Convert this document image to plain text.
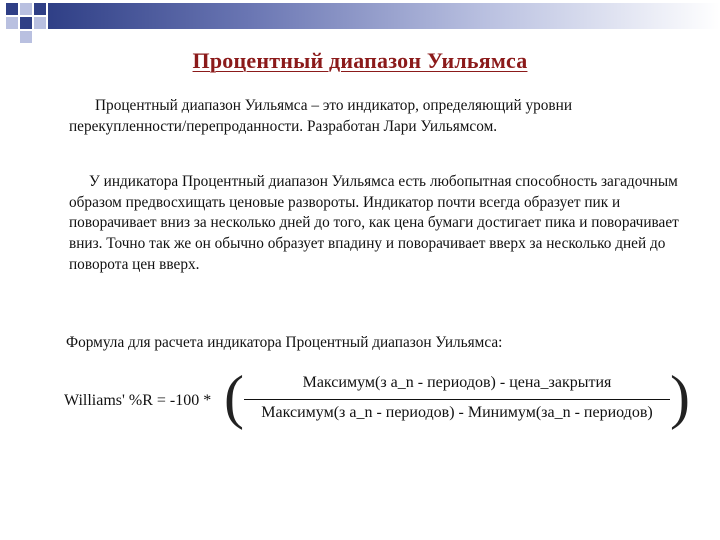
Процентный диапазон Уильямса
Процентный диапазон Уильямса – это индикатор, определяющий уровни перекупленности/перепроданности. Разработан Лари Уильямсом.
У индикатора Процентный диапазон Уильямса есть любопытная способность загадочным образом предвосхищать ценовые развороты. Индикатор почти всегда образует пик и поворачивает вниз за несколько дней до того, как цена бумаги достигает пика и поворачивает вниз. Точно так же он обычно образует впадину и поворачивает вверх за несколько дней до поворота цен вверх.
Формула для расчета индикатора Процентный диапазон Уильямса:
Williams' %R = -100 * (	Максимум(з а_n - периодов) - цена_закрытия
Максимум(з а_n - периодов) - Минимум(за_n - периодов) )
